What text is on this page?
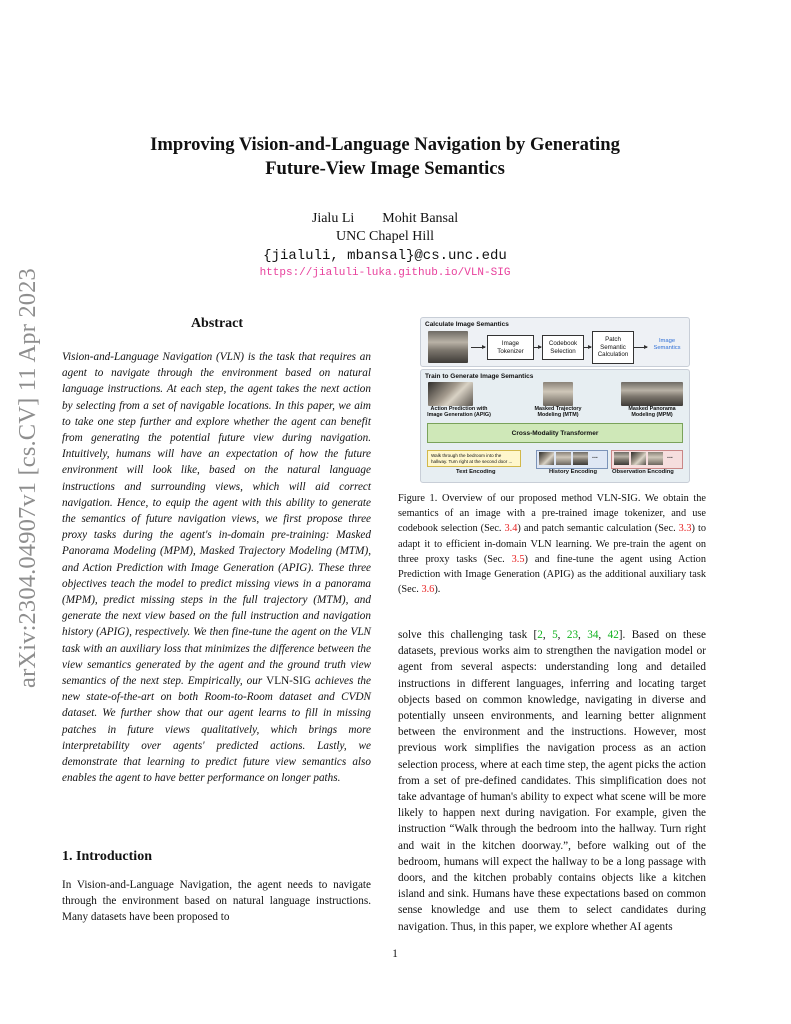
arXiv:2304.04907v1 [cs.CV] 11 Apr 2023
Improving Vision-and-Language Navigation by Generating
Future-View Image Semantics
Jialu Li Mohit Bansal
UNC Chapel Hill
{jialuli, mbansal}@cs.unc.edu
https://jialuli-luka.github.io/VLN-SIG
Abstract
Vision-and-Language Navigation (VLN) is the task that requires an agent to navigate through the environment based on natural language instructions. At each step, the agent takes the next action by selecting from a set of navigable locations. In this paper, we aim to take one step further and explore whether the agent can benefit from generating the potential future view during navigation. Intuitively, humans will have an expectation of how the future environment will look like, based on the natural language instructions and surrounding views, which will aid correct navigation. Hence, to equip the agent with this ability to generate the semantics of future navigation views, we first propose three proxy tasks during the agent's in-domain pre-training: Masked Panorama Modeling (MPM), Masked Trajectory Modeling (MTM), and Action Prediction with Image Generation (APIG). These three objectives teach the model to predict missing views in a panorama (MPM), predict missing steps in the full trajectory (MTM), and generate the next view based on the full instruction and navigation history (APIG), respectively. We then fine-tune the agent on the VLN task with an auxiliary loss that minimizes the difference between the view semantics generated by the agent and the ground truth view semantics of the next step. Empirically, our VLN-SIG achieves the new state-of-the-art on both Room-to-Room dataset and CVDN dataset. We further show that our agent learns to fill in missing patches in future views qualitatively, which brings more interpretability over agents' predicted actions. Lastly, we demonstrate that learning to predict future view semantics also enables the agent to have better performance on longer paths.
1. Introduction
In Vision-and-Language Navigation, the agent needs to navigate through the environment based on natural language instructions. Many datasets have been proposed to
Calculate Image Semantics
Image Tokenizer
Codebook Selection
Patch Semantic Calculation
Image Semantics
Train to Generate Image Semantics
Action Prediction with Image Generation (APIG)
Masked Trajectory Modeling (MTM)
Masked Panorama Modeling (MPM)
Cross-Modality Transformer
Walk through the bedroom into the hallway. Turn right at the second door ...
...	...
Text Encoding	History Encoding	Observation Encoding
Figure 1. Overview of our proposed method VLN-SIG. We obtain the semantics of an image with a pre-trained image tokenizer, and use codebook selection (Sec. 3.4) and patch semantic calculation (Sec. 3.3) to adapt it to efficient in-domain VLN learning. We pre-train the agent on three proxy tasks (Sec. 3.5) and fine-tune the agent using Action Prediction with Image Generation (APIG) as the additional auxiliary task (Sec. 3.6).
solve this challenging task [2, 5, 23, 34, 42]. Based on these datasets, previous works aim to strengthen the navigation model or agent from several aspects: understanding long and detailed instructions in different languages, inferring and locating target objects based on common knowledge, navigating in diverse and potentially unseen environments, and learning better alignment between the environment and the instructions. However, most previous work simplifies the navigation process as an action selection process, where at each time step, the agent picks the action from a set of pre-defined candidates. This simplification does not take advantage of human's ability to expect what scene will be more likely to happen next during navigation. For example, given the instruction “Walk through the bedroom into the hallway. Turn right and wait in the kitchen doorway.”, before walking out of the bedroom, humans will expect the hallway to be a long passage with doors, and the kitchen probably contains objects like a kitchen island and sink. Humans have these expectations based on common sense knowledge and use them to select candidates during navigation. Thus, in this paper, we explore whether AI agents
1
